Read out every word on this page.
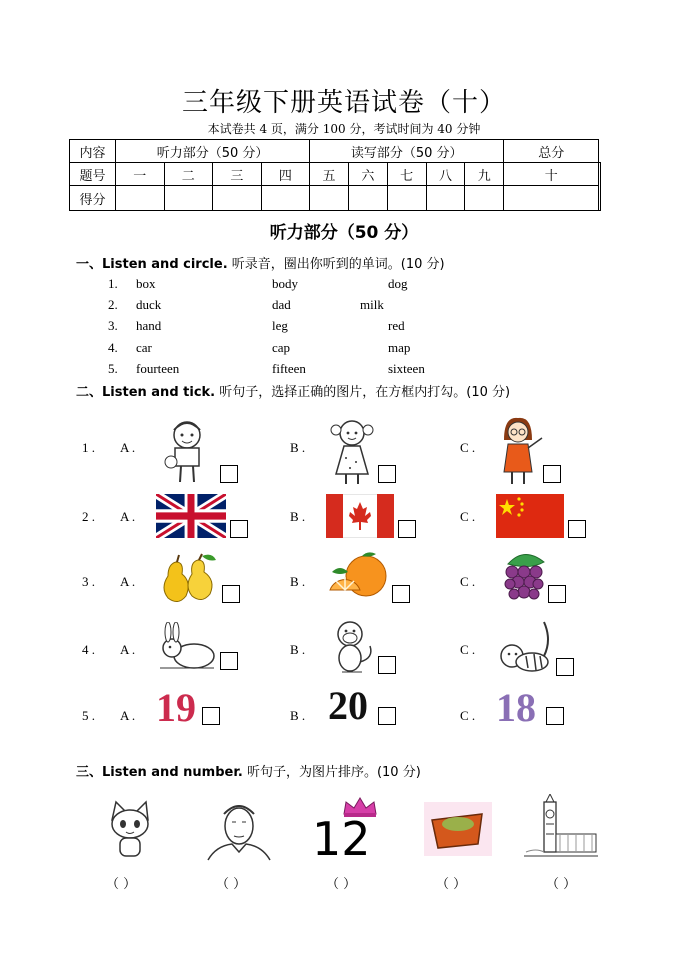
三年级下册英语试卷（十）
本试卷共 4 页，满分 100 分，考试时间为 40 分钟
内容	听力部分（50 分）				读写部分（50 分）					总分	
题号	一	二	三	四	五	六	七	八	九	十	
得分											
听力部分（50 分）
一、Listen and circle. 听录音，圈出你听到的单词。(10 分)
1. box	body	dog
2. duck	dad	milk
3. hand	leg	red
4. car	cap	map
5. fourteen	fifteen	sixteen
二、Listen and tick. 听句子，选择正确的图片，在方框内打勾。(10 分)
1 . A .	B .	C .
2 . A .	B .	C .
3 . A .	B .	C .
4 . A .	B .	C .
5 . A . 19	B . 20	C . 18
三、Listen and number. 听句子，为图片排序。(10 分)
（ ）	（ ）
12
（ ）	（ ）	（ ）
